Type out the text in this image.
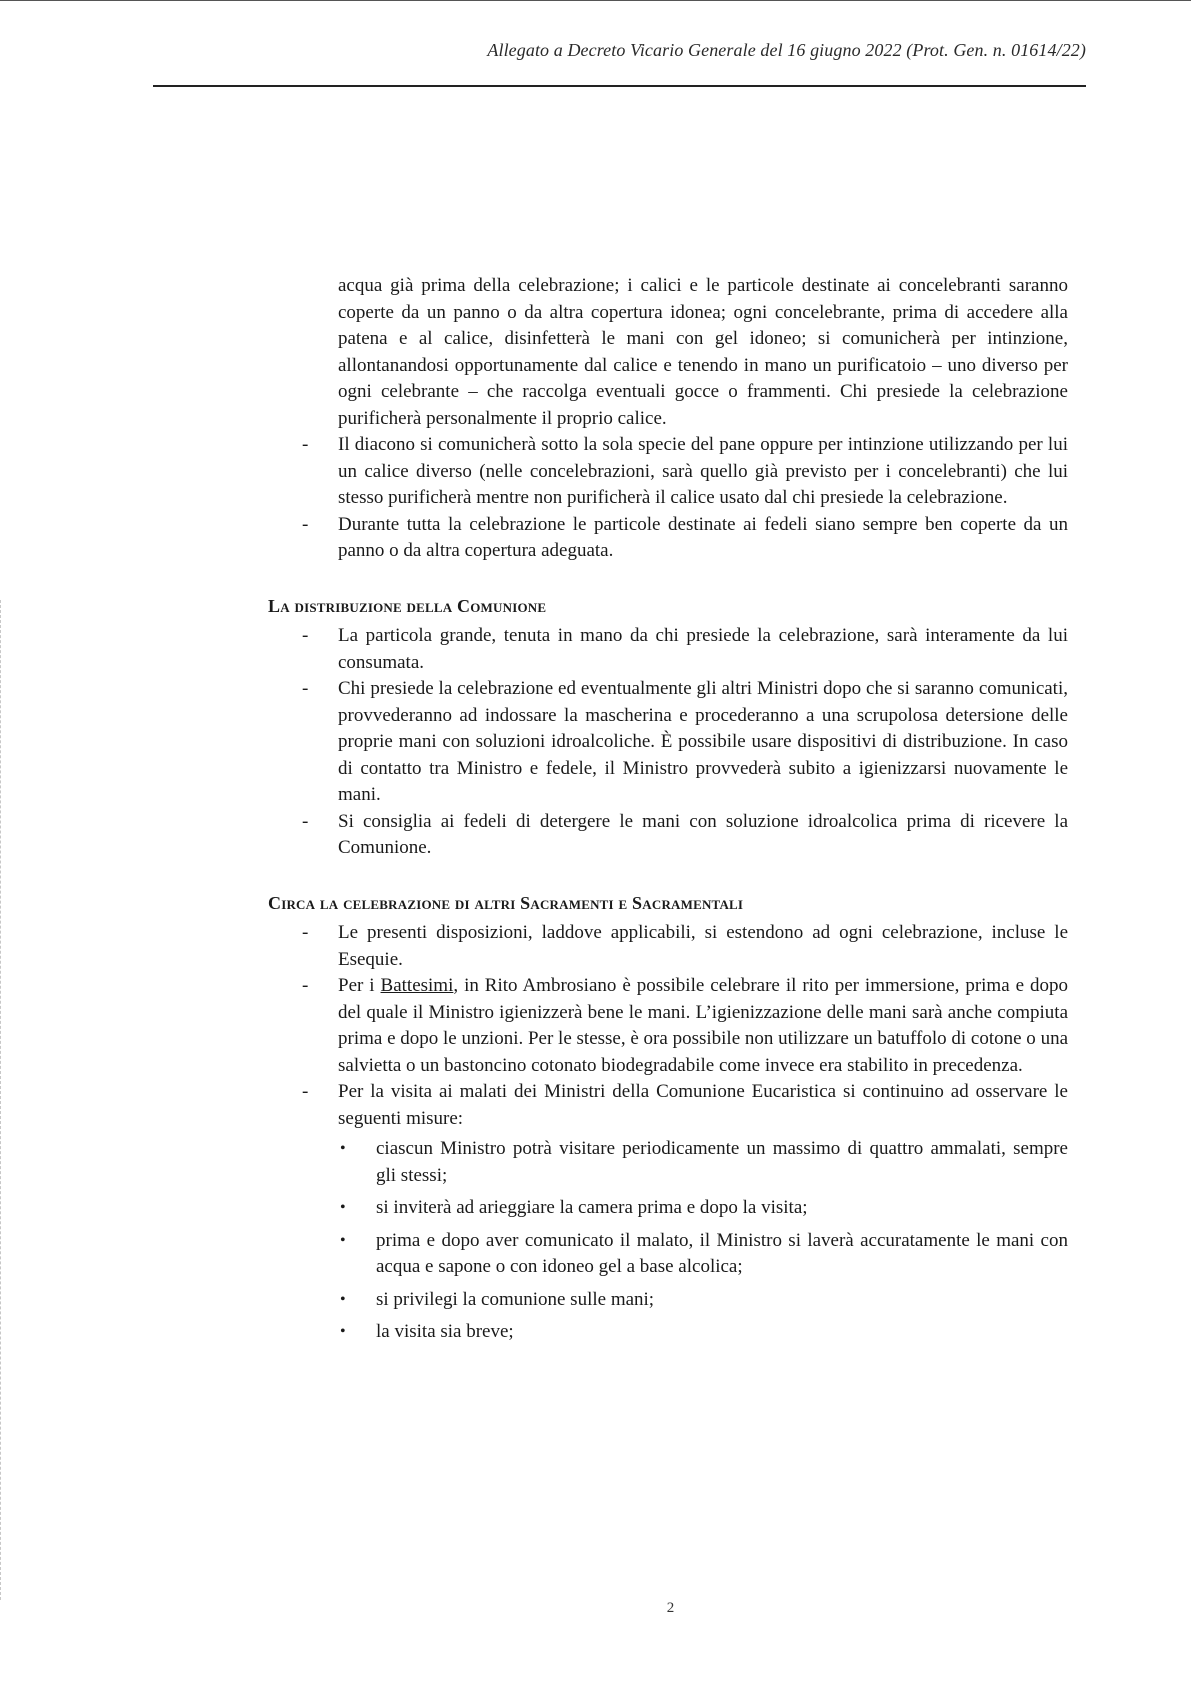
Allegato a Decreto Vicario Generale del 16 giugno 2022 (Prot. Gen. n. 01614/22)

acqua già prima della celebrazione; i calici e le particole destinate ai concelebranti saranno coperte da un panno o da altra copertura idonea; ogni concelebrante, prima di accedere alla patena e al calice, disinfetterà le mani con gel idoneo; si comunicherà per intinzione, allontanandosi opportunamente dal calice e tenendo in mano un purificatoio – uno diverso per ogni celebrante – che raccolga eventuali gocce o frammenti. Chi presiede la celebrazione purificherà personalmente il proprio calice.

- Il diacono si comunicherà sotto la sola specie del pane oppure per intinzione utilizzando per lui un calice diverso (nelle concelebrazioni, sarà quello già previsto per i concelebranti) che lui stesso purificherà mentre non purificherà il calice usato dal chi presiede la celebrazione.
- Durante tutta la celebrazione le particole destinate ai fedeli siano sempre ben coperte da un panno o da altra copertura adeguata.
La distribuzione della Comunione
- La particola grande, tenuta in mano da chi presiede la celebrazione, sarà interamente da lui consumata.
- Chi presiede la celebrazione ed eventualmente gli altri Ministri dopo che si saranno comunicati, provvederanno ad indossare la mascherina e procederanno a una scrupolosa detersione delle proprie mani con soluzioni idroalcoliche. È possibile usare dispositivi di distribuzione. In caso di contatto tra Ministro e fedele, il Ministro provvederà subito a igienizzarsi nuovamente le mani.
- Si consiglia ai fedeli di detergere le mani con soluzione idroalcolica prima di ricevere la Comunione.
Circa la celebrazione di altri Sacramenti e Sacramentali
- Le presenti disposizioni, laddove applicabili, si estendono ad ogni celebrazione, incluse le Esequie.
- Per i Battesimi, in Rito Ambrosiano è possibile celebrare il rito per immersione, prima e dopo del quale il Ministro igienizzerà bene le mani. L’igienizzazione delle mani sarà anche compiuta prima e dopo le unzioni. Per le stesse, è ora possibile non utilizzare un batuffolo di cotone o una salvietta o un bastoncino cotonato biodegradabile come invece era stabilito in precedenza.
- Per la visita ai malati dei Ministri della Comunione Eucaristica si continuino ad osservare le seguenti misure:
• ciascun Ministro potrà visitare periodicamente un massimo di quattro ammalati, sempre gli stessi;
• si inviterà ad arieggiare la camera prima e dopo la visita;
• prima e dopo aver comunicato il malato, il Ministro si laverà accuratamente le mani con acqua e sapone o con idoneo gel a base alcolica;
• si privilegi la comunione sulle mani;
• la visita sia breve;
2
